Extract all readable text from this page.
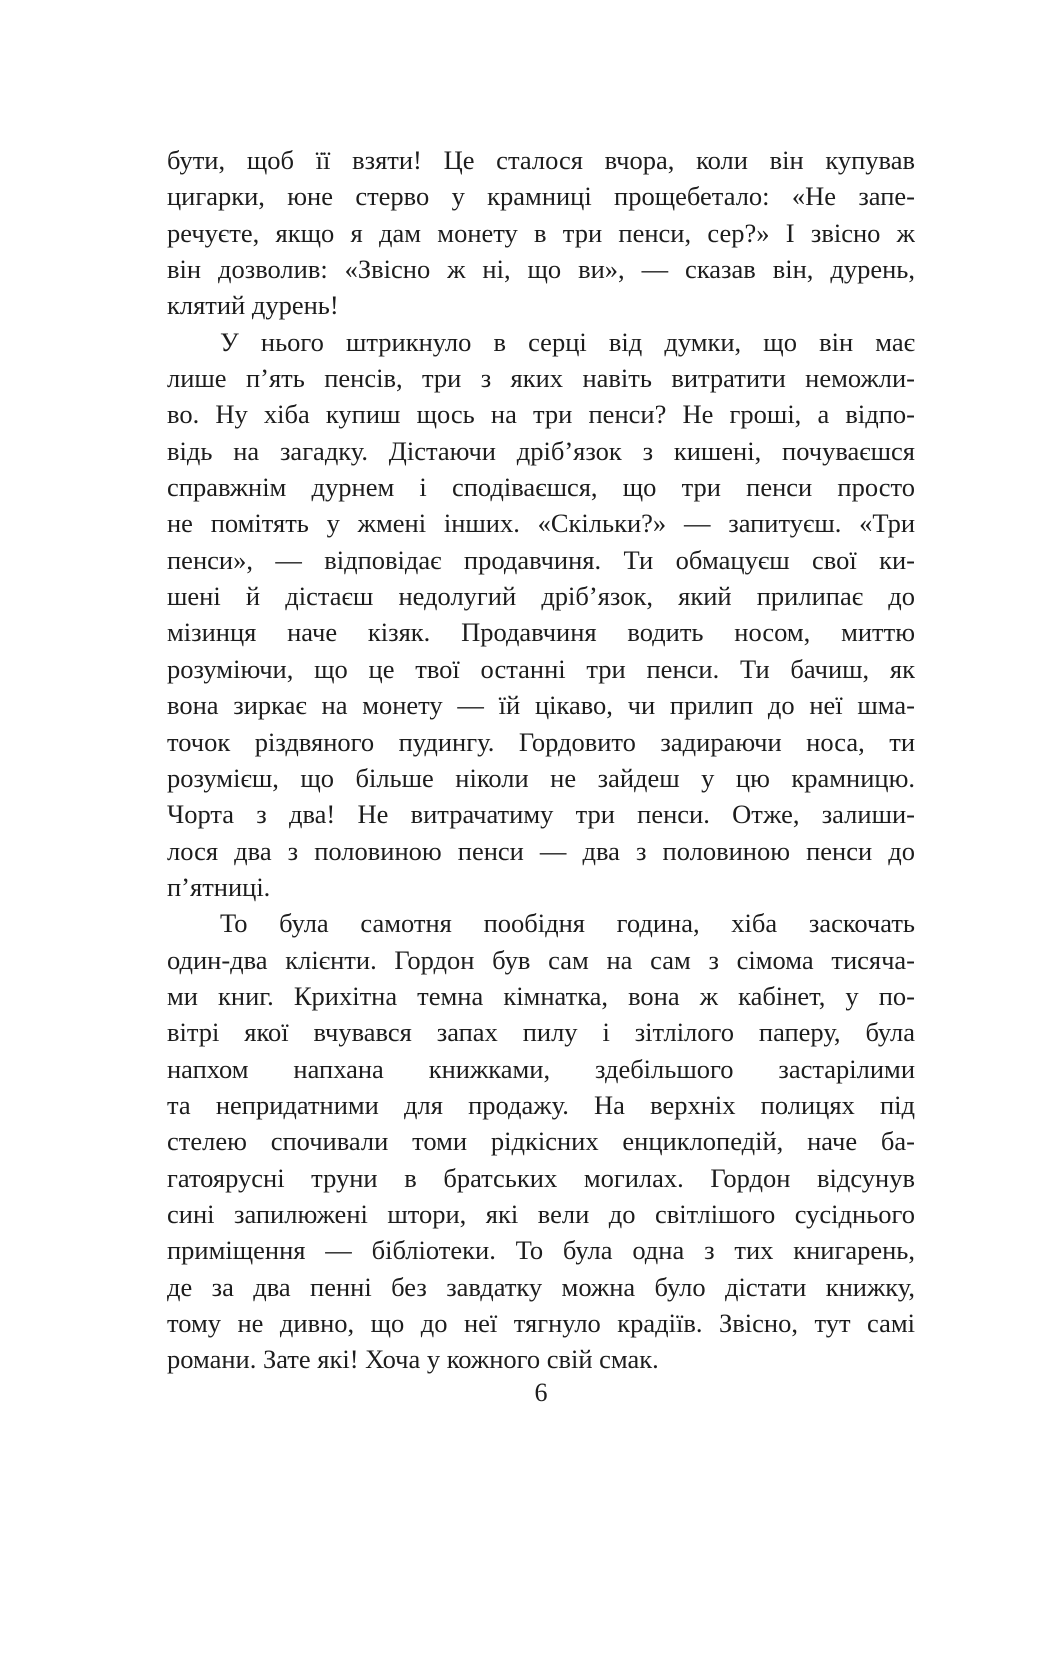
бути, щоб її взяти! Це сталося вчора, коли він купував
цигарки, юне стерво у крамниці прощебетало: «Не запе-
речуєте, якщо я дам монету в три пенси, сер?» І звісно ж
він дозволив: «Звісно ж ні, що ви», — сказав він, дурень,
клятий дурень!
У нього штрикнуло в серці від думки, що він має
лише п’ять пенсів, три з яких навіть витратити неможли-
во. Ну хіба купиш щось на три пенси? Не гроші, а відпо-
відь на загадку. Дістаючи дріб’язок з кишені, почуваєшся
справжнім дурнем і сподіваєшся, що три пенси просто
не помітять у жмені інших. «Скільки?» — запитуєш. «Три
пенси», — відповідає продавчиня. Ти обмацуєш свої ки-
шені й дістаєш недолугий дріб’язок, який прилипає до
мізинця наче кізяк. Продавчиня водить носом, миттю
розуміючи, що це твої останні три пенси. Ти бачиш, як
вона зиркає на монету — їй цікаво, чи прилип до неї шма-
точок різдвяного пудингу. Гордовито задираючи носа, ти
розумієш, що більше ніколи не зайдеш у цю крамницю.
Чорта з два! Не витрачатиму три пенси. Отже, залиши-
лося два з половиною пенси — два з половиною пенси до
п’ятниці.
То була самотня пообідня година, хіба заскочать
один-два клієнти. Гордон був сам на сам з сімома тисяча-
ми книг. Крихітна темна кімнатка, вона ж кабінет, у по-
вітрі якої вчувався запах пилу і зітлілого паперу, була
напхом напхана книжками, здебільшого застарілими
та непридатними для продажу. На верхніх полицях під
стелею спочивали томи рідкісних енциклопедій, наче ба-
гатоярусні труни в братських могилах. Гордон відсунув
сині запилюжені штори, які вели до світлішого сусіднього
приміщення — бібліотеки. То була одна з тих книгарень,
де за два пенні без завдатку можна було дістати книжку,
тому не дивно, що до неї тягнуло крадіїв. Звісно, тут самі
романи. Зате які! Хоча у кожного свій смак.
6
